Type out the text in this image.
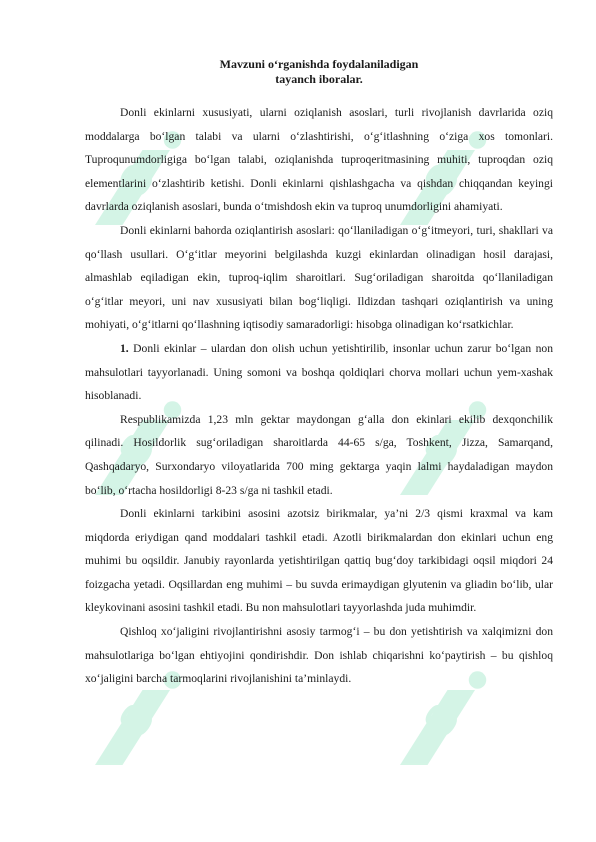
S	S
S	S
S	S
Mavzuni o‘rganishda foydalaniladigan
tayanch iboralar.

Donli ekinlarni xususiyati, ularni oziqlanish asoslari, turli rivojlanish davrlarida oziq moddalarga bo‘lgan talabi va ularni o‘zlashtirishi, o‘g‘itlashning o‘ziga xos tomonlari. Tuproqunumdorligiga bo‘lgan talabi, oziqlanishda tuproqeritmasining muhiti, tuproqdan oziq elementlarini o‘zlashtirib ketishi. Donli ekinlarni qishlashgacha va qishdan chiqqandan keyingi davrlarda oziqlanish asoslari, bunda o‘tmishdosh ekin va tuproq unumdorligini ahamiyati.

Donli ekinlarni bahorda oziqlantirish asoslari: qo‘llaniladigan o‘g‘itmeyori, turi, shakllari va qo‘llash usullari. O‘g‘itlar meyorini belgilashda kuzgi ekinlardan olinadigan hosil darajasi, almashlab eqiladigan ekin, tuproq-iqlim sharoitlari. Sug‘oriladigan sharoitda qo‘llaniladigan o‘g‘itlar meyori, uni nav xususiyati bilan bog‘liqligi. Ildizdan tashqari oziqlantirish va uning mohiyati, o‘g‘itlarni qo‘llashning iqtisodiy samaradorligi: hisobga olinadigan ko‘rsatkichlar.

1. Donli ekinlar – ulardan don olish uchun yetishtirilib, insonlar uchun zarur bo‘lgan non mahsulotlari tayyorlanadi. Uning somoni va boshqa qoldiqlari chorva mollari uchun yem-xashak hisoblanadi.

Respublikamizda 1,23 mln gektar maydongan g‘alla don ekinlari ekilib dexqonchilik qilinadi. Hosildorlik sug‘oriladigan sharoitlarda 44-65 s/ga, Toshkent, Jizza, Samarqand, Qashqadaryo, Surxondaryo viloyatlarida 700 ming gektarga yaqin lalmi haydaladigan maydon bo‘lib, o‘rtacha hosildorligi 8-23 s/ga ni tashkil etadi.

Donli ekinlarni tarkibini asosini azotsiz birikmalar, ya’ni 2/3 qismi kraxmal va kam miqdorda eriydigan qand moddalari tashkil etadi. Azotli birikmalardan don ekinlari uchun eng muhimi bu oqsildir. Janubiy rayonlarda yetishtirilgan qattiq bug‘doy tarkibidagi oqsil miqdori 24 foizgacha yetadi. Oqsillardan eng muhimi – bu suvda erimaydigan glyutenin va gliadin bo‘lib, ular kleykovinani asosini tashkil etadi. Bu non mahsulotlari tayyorlashda juda muhimdir.

Qishloq xo‘jaligini rivojlantirishni asosiy tarmog‘i – bu don yetishtirish va xalqimizni don mahsulotlariga bo‘lgan ehtiyojini qondirishdir. Don ishlab chiqarishni ko‘paytirish – bu qishloq xo‘jaligini barcha tarmoqlarini rivojlanishini ta’minlaydi.
